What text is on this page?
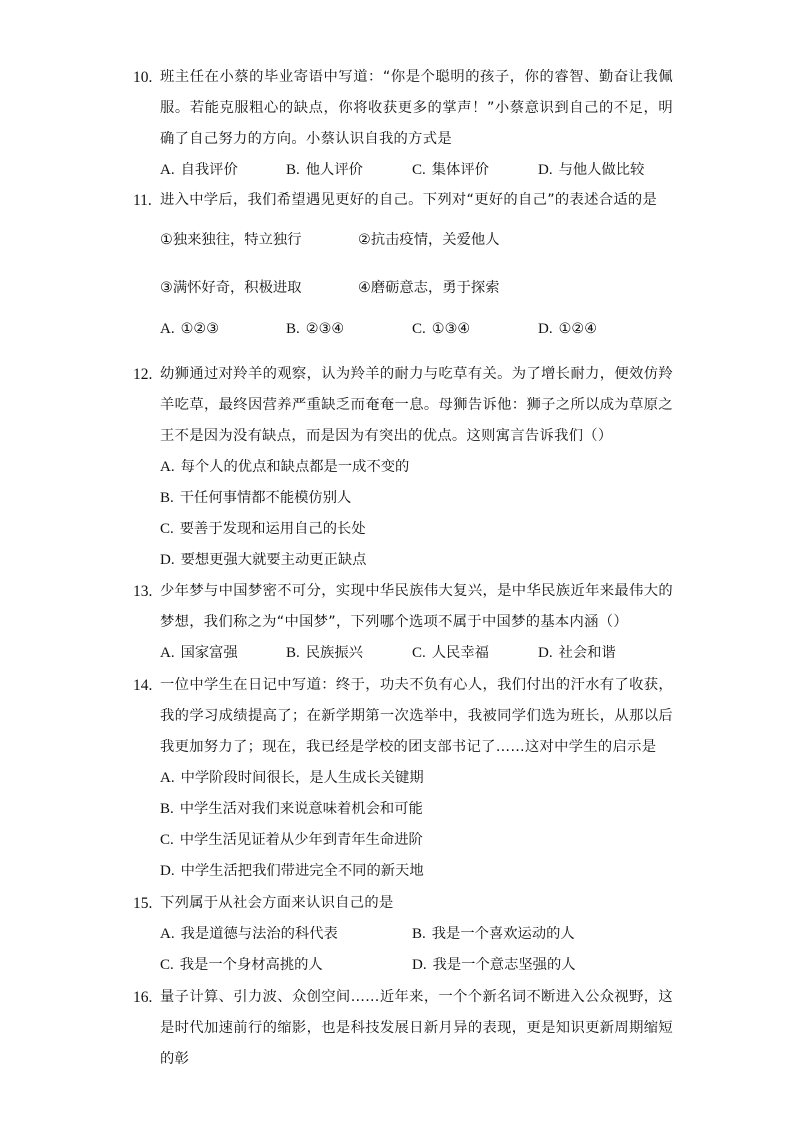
10. 班主任在小蔡的毕业寄语中写道：“你是个聪明的孩子，你的睿智、勤奋让我佩服。若能克服粗心的缺点，你将收获更多的掌声！”小蔡意识到自己的不足，明确了自己努力的方向。小蔡认识自我的方式是
A. 自我评价	B. 他人评价	C. 集体评价	D. 与他人做比较
11. 进入中学后，我们希望遇见更好的自己。下列对“更好的自己”的表述合适的是
①独来独往，特立独行	②抗击疫情，关爱他人
③满怀好奇，积极进取	④磨砺意志，勇于探索
A. ①②③	B. ②③④	C. ①③④	D. ①②④
12. 幼狮通过对羚羊的观察，认为羚羊的耐力与吃草有关。为了增长耐力，便效仿羚羊吃草，最终因营养严重缺乏而奄奄一息。母狮告诉他：狮子之所以成为草原之王不是因为没有缺点，而是因为有突出的优点。这则寓言告诉我们（）
A. 每个人的优点和缺点都是一成不变的
B. 干任何事情都不能模仿别人
C. 要善于发现和运用自己的长处
D. 要想更强大就要主动更正缺点
13. 少年梦与中国梦密不可分，实现中华民族伟大复兴，是中华民族近年来最伟大的梦想，我们称之为“中国梦”，下列哪个选项不属于中国梦的基本内涵（）
A. 国家富强	B. 民族振兴	C. 人民幸福	D. 社会和谐
14. 一位中学生在日记中写道：终于，功夫不负有心人，我们付出的汗水有了收获，我的学习成绩提高了；在新学期第一次选举中，我被同学们选为班长，从那以后我更加努力了；现在，我已经是学校的团支部书记了……这对中学生的启示是
A. 中学阶段时间很长，是人生成长关键期
B. 中学生活对我们来说意味着机会和可能
C. 中学生活见证着从少年到青年生命进阶
D. 中学生活把我们带进完全不同的新天地
15. 下列属于从社会方面来认识自己的是
A. 我是道德与法治的科代表	B. 我是一个喜欢运动的人
C. 我是一个身材高挑的人	D. 我是一个意志坚强的人
16. 量子计算、引力波、众创空间……近年来，一个个新名词不断进入公众视野，这是时代加速前行的缩影，也是科技发展日新月异的表现，更是知识更新周期缩短的彰
